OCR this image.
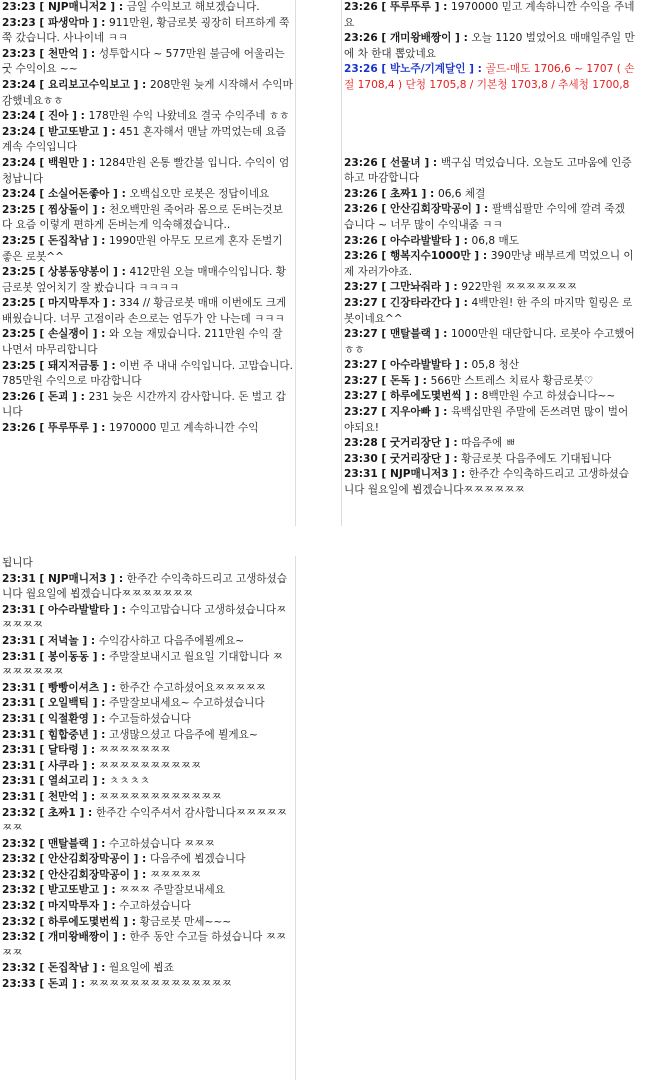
23:23 [ NJP매니저2 ] : 금일 수익보고 해보겠습니다.

23:23 [ 파생악마 ] : 911만원, 황금로봇 굉장히 터프하게 쭉쭉 갔습니다. 사나이네 ㅋㅋ

23:23 [ 천만억 ] : 성투합시다 ~ 577만원 불금에 어울리는 굿 수익이요 ~~

23:24 [ 요리보고수익보고 ] : 208만원 늦게 시작해서 수익마감했네요ㅎㅎ

23:24 [ 진아 ] : 178만원 수익 나왔네요 결국 수익주네 ㅎㅎ

23:24 [ 받고또받고 ] : 451 혼자해서 맨날 까먹었는데 요즘 계속 수익입니다

23:24 [ 백원만 ] : 1284만원 온통 빨간불 입니다. 수익이 엄청납니다

23:24 [ 소실어돈좋아 ] : 오백십오만 로봇은 정답이네요

23:25 [ 찜상돌이 ] : 천오백만원 죽어라 몸으로 돈버는것보다 요즘 이렇게 편하게 돈버는게 익숙해졌습니다..

23:25 [ 돈집착남 ] : 1990만원 아무도 모르게 혼자 돈벌기 좋은 로봇^^

23:25 [ 상봉동양봉이 ] : 412만원 오늘 매매수익입니다. 황금로봇 엎어치기 잘 봤습니다 ㅋㅋㅋㅋ

23:25 [ 마지막투자 ] : 334 // 황금로봇 매매 이번에도 크게 배웠습니다. 너무 고점이라 손으로는 엄두가 안 나는데 ㅋㅋㅋ

23:25 [ 손실쟁이 ] : 와 오늘 재밌습니다. 211만원 수익 잘 나면서 마무리합니다

23:25 [ 돼지저금통 ] : 이번 주 내내 수익입니다. 고맙습니다. 785만원 수익으로 마감합니다

23:26 [ 돈괴 ] : 231 늦은 시간까지 감사합니다. 돈 벌고 갑니다

23:26 [ 뚜루뚜루 ] : 1970000 믿고 계속하니깐 수익

23:26 [ 뚜루뚜루 ] : 1970000 믿고 계속하니깐 수익을 주네요

23:26 [ 개미왕배짱이 ] : 오늘 1120 벌었어요 매매일주일 만에 차 한대 뽑았네요

23:26 [ 박노주/기계달인 ] : 골드-매도 1706,6 ~ 1707 ( 손절 1708,4 ) 단청 1705,8 / 기본청 1703,8 / 추세청 1700,8

23:26 [ 선물녀 ] : 백구십 먹었습니다. 오늘도 고마움에 인증하고 마감합니다

23:26 [ 초짜1 ] : 06,6 체결

23:26 [ 안산김회장막공이 ] : 팔백십팔만 수익에 깔려 죽겠습니다 ~ 너무 많이 수익내줌 ㅋㅋ

23:26 [ 아수라발발타 ] : 06,8 매도

23:26 [ 행복지수1000만 ] : 390만냥 배부르게 먹었으니 이제 자러가야죠.

23:27 [ 그만놔줘라 ] : 922만원 ㅉㅉㅉㅉㅉㅉㅉ

23:27 [ 긴장타라간다 ] : 4백만원! 한 주의 마지막 힐링은 로봇이네요^^

23:27 [ 맨탈블랙 ] : 1000만원 대단합니다. 로봇아 수고했어 ㅎㅎ

23:27 [ 아수라발발타 ] : 05,8 청산

23:27 [ 돈독 ] : 566만 스트레스 치료사 황금로봇♡

23:27 [ 하루에도몇번씩 ] : 8백만원 수고 하셨습니다~~

23:27 [ 지우아빠 ] : 육백십만원 주말에 돈쓰려면 많이 벌어야되요!

23:28 [ 굿거리장단 ] : 따음주에 ㅃ

23:30 [ 굿거리장단 ] : 황금로봇 다음주에도 기대됩니다

23:31 [ NJP매니저3 ] : 한주간 수익축하드리고 고생하셨습니다 월요일에 뵙겠습니다ㅉㅉㅉㅉㅉㅉ

됩니다

23:31 [ NJP매니저3 ] : 한주간 수익축하드리고 고생하셨습니다 월요일에 뵙겠습니다ㅉㅉㅉㅉㅉㅉㅉ

23:31 [ 아수라발발타 ] : 수익고맙습니다 고생하셨습니다ㅉㅉㅉㅉㅉ

23:31 [ 저녁놀 ] : 수익감사하고 다음주에뵐께요~

23:31 [ 봉이동동 ] : 주말잘보내시고 월요일 기대합니다 ㅉㅉㅉㅉㅉㅉㅉ

23:31 [ 빵빵이셔츠 ] : 한주간 수고하셨어요ㅉㅉㅉㅉㅉ

23:31 [ 오일백틱 ] : 주말잘보내세요~ 수고하셨습니다

23:31 [ 익절환영 ] : 수고들하셨습니다

23:31 [ 힘합중년 ] : 고생많으셨고 다음주에 뵐게요~

23:31 [ 달타령 ] : ㅉㅉㅉㅉㅉㅉㅉ

23:31 [ 사쿠라 ] : ㅉㅉㅉㅉㅉㅉㅉㅉㅉㅉ

23:31 [ 열쇠고리 ] : ㅊㅊㅊㅊ

23:31 [ 천만억 ] : ㅉㅉㅉㅉㅉㅉㅉㅉㅉㅉㅉㅉ

23:32 [ 초짜1 ] : 한주간 수익주셔서 감사합니다ㅉㅉㅉㅉㅉㅉㅉ

23:32 [ 맨탈블랙 ] : 수고하셨습니다 ㅉㅉㅉ

23:32 [ 안산김회장막공이 ] : 다음주에 뵙겠습니다

23:32 [ 안산김회장막공이 ] : ㅉㅉㅉㅉㅉ

23:32 [ 받고또받고 ] : ㅉㅉㅉ 주말잘보내세요

23:32 [ 마지막투자 ] : 수고하셨습니다

23:32 [ 하루에도몇번씩 ] : 황금로봇 만세~~~

23:32 [ 개미왕배짱이 ] : 한주 동안 수고들 하셨습니다 ㅉㅉㅉㅉ

23:32 [ 돈집착남 ] : 월요일에 뵙죠

23:33 [ 돈괴 ] : ㅉㅉㅉㅉㅉㅉㅉㅉㅉㅉㅉㅉㅉㅉ
